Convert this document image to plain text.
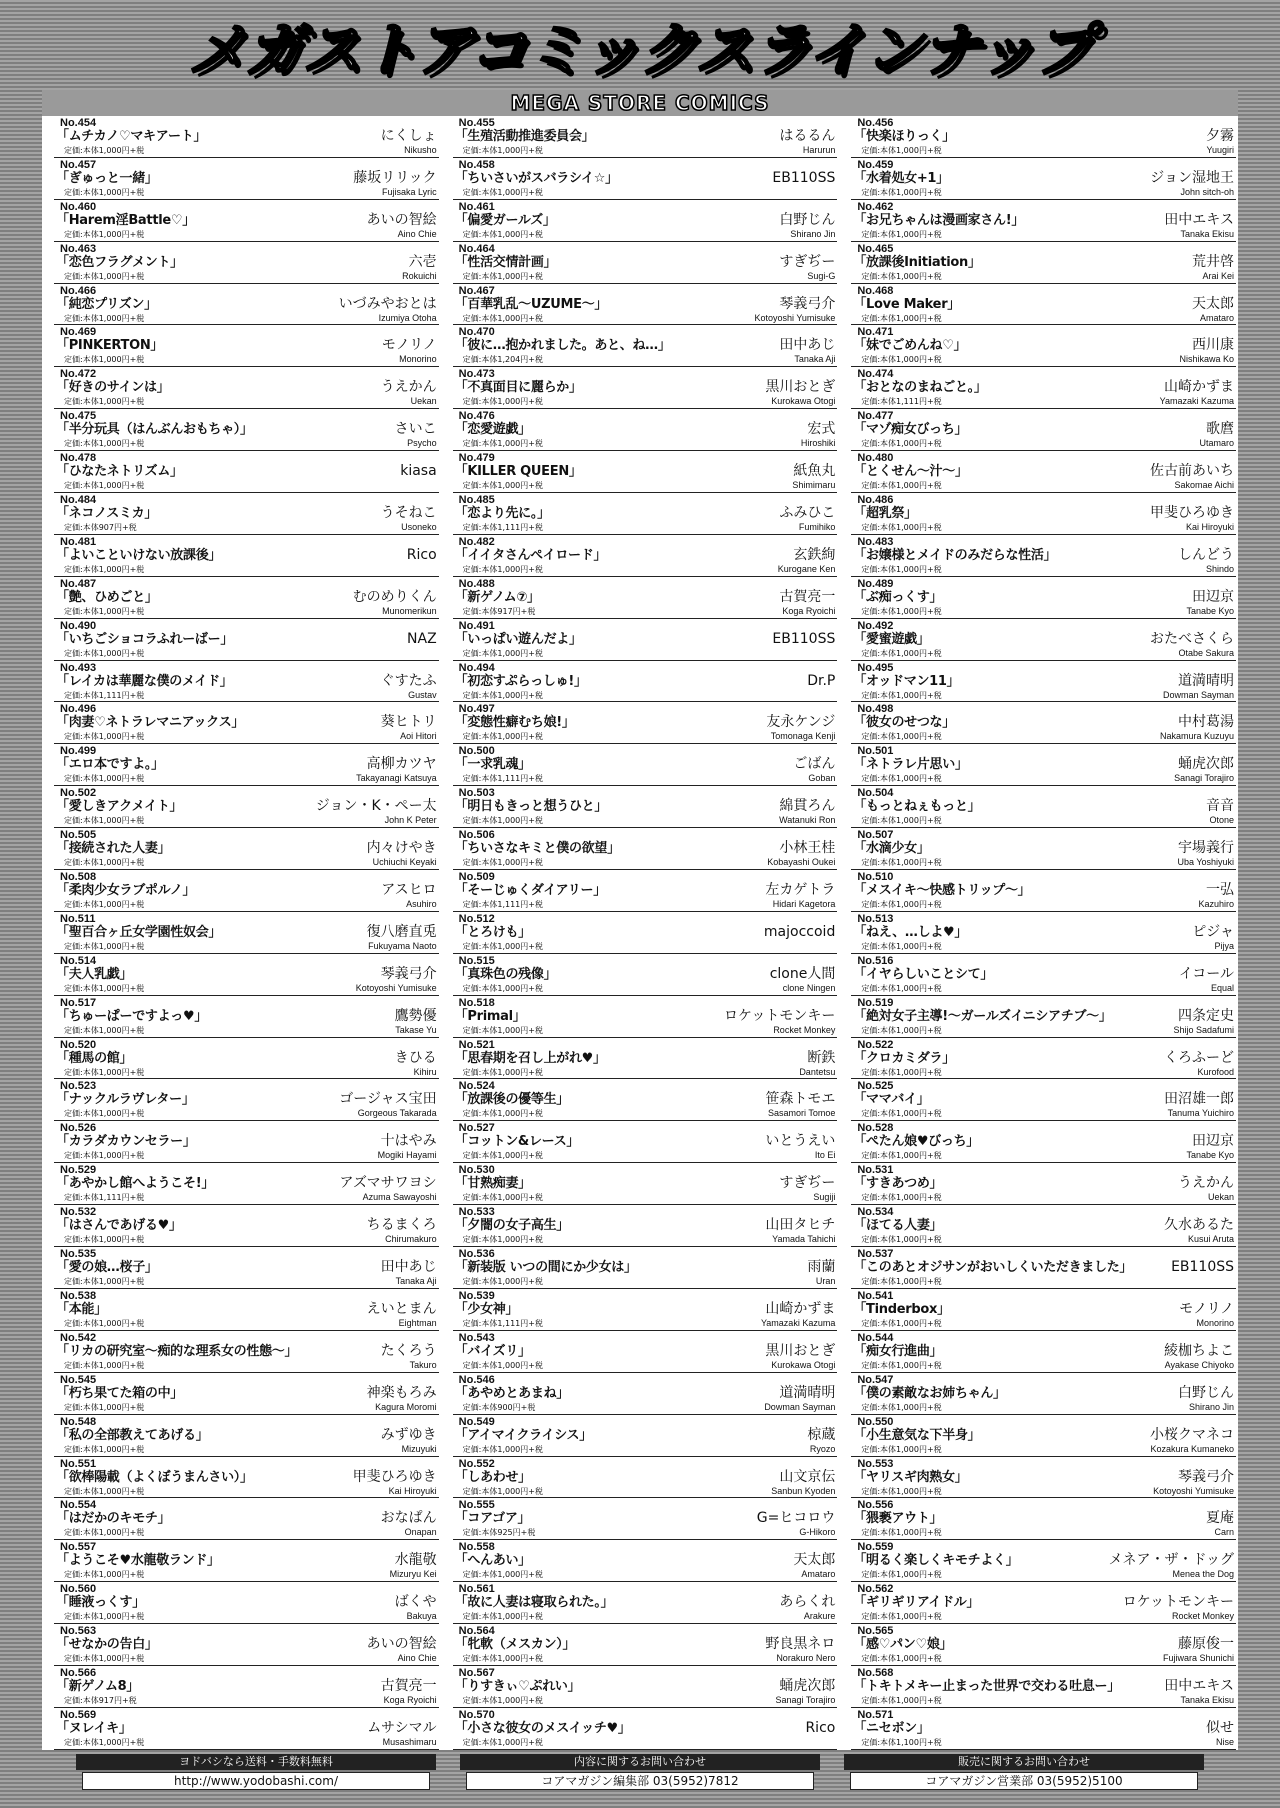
メガストアコミックスラインナップ
MEGA STORE COMICS
No.454
「ムチカノ♡マキアート」
定価:本体1,000円+税
にくしょ
Nikusho
No.457
「ぎゅっと一緒」
定価:本体1,000円+税
藤坂リリック
Fujisaka Lyric
No.460
「Harem淫Battle♡」
定価:本体1,000円+税
あいの智絵
Aino Chie
No.463
「恋色フラグメント」
定価:本体1,000円+税
六壱
Rokuichi
No.466
「純恋プリズン」
定価:本体1,000円+税
いづみやおとは
Izumiya Otoha
No.469
「PINKERTON」
定価:本体1,000円+税
モノリノ
Monorino
No.472
「好きのサインは」
定価:本体1,000円+税
うえかん
Uekan
No.475
「半分玩具（はんぶんおもちゃ）」
定価:本体1,000円+税
さいこ
Psycho
No.478
「ひなたネトリズム」
定価:本体1,000円+税
kiasa
No.484
「ネコノスミカ」
定価:本体907円+税
うそねこ
Usoneko
No.481
「よいこといけない放課後」
定価:本体1,000円+税
Rico
No.487
「艶、ひめごと」
定価:本体1,000円+税
むのめりくん
Munomerikun
No.490
「いちごショコラふれーばー」
定価:本体1,000円+税
NAZ
No.493
「レイカは華麗な僕のメイド」
定価:本体1,111円+税
ぐすたふ
Gustav
No.496
「肉妻♡ネトラレマニアックス」
定価:本体1,000円+税
葵ヒトリ
Aoi Hitori
No.499
「エロ本ですよ。」
定価:本体1,000円+税
高柳カツヤ
Takayanagi Katsuya
No.502
「愛しきアクメイト」
定価:本体1,000円+税
ジョン・K・ペー太
John K Peter
No.505
「接続された人妻」
定価:本体1,000円+税
内々けやき
Uchiuchi Keyaki
No.508
「柔肉少女ラブポルノ」
定価:本体1,000円+税
アスヒロ
Asuhiro
No.511
「聖百合ヶ丘女学園性奴会」
定価:本体1,000円+税
復八磨直兎
Fukuyama Naoto
No.514
「夫人乳戯」
定価:本体1,000円+税
琴義弓介
Kotoyoshi Yumisuke
No.517
「ちゅーぱーですよっ♥」
定価:本体1,000円+税
鷹勢優
Takase Yu
No.520
「種馬の館」
定価:本体1,000円+税
きひる
Kihiru
No.523
「ナックルラヴレター」
定価:本体1,000円+税
ゴージャス宝田
Gorgeous Takarada
No.526
「カラダカウンセラー」
定価:本体1,000円+税
十はやみ
Mogiki Hayami
No.529
「あやかし館へようこそ!」
定価:本体1,111円+税
アズマサワヨシ
Azuma Sawayoshi
No.532
「はさんであげる♥」
定価:本体1,000円+税
ちるまくろ
Chirumakuro
No.535
「愛の娘…桜子」
定価:本体1,000円+税
田中あじ
Tanaka Aji
No.538
「本能」
定価:本体1,000円+税
えいとまん
Eightman
No.542
「リカの研究室～痴的な理系女の性態～」
定価:本体1,000円+税
たくろう
Takuro
No.545
「朽ち果てた箱の中」
定価:本体1,000円+税
神楽もろみ
Kagura Moromi
No.548
「私の全部教えてあげる」
定価:本体1,000円+税
みずゆき
Mizuyuki
No.551
「欲棒陽載（よくぼうまんさい）」
定価:本体1,000円+税
甲斐ひろゆき
Kai Hiroyuki
No.554
「はだかのキモチ」
定価:本体1,000円+税
おなぱん
Onapan
No.557
「ようこそ♥水龍敬ランド」
定価:本体1,000円+税
水龍敬
Mizuryu Kei
No.560
「睡液っくす」
定価:本体1,000円+税
ばくや
Bakuya
No.563
「せなかの告白」
定価:本体1,000円+税
あいの智絵
Aino Chie
No.566
「新ゲノム8」
定価:本体917円+税
古賀亮一
Koga Ryoichi
No.569
「ヌレイキ」
定価:本体1,000円+税
ムサシマル
Musashimaru
No.455
「生殖活動推進委員会」
定価:本体1,000円+税
はるるん
Harurun
No.458
「ちいさいがスバラシイ☆」
定価:本体1,000円+税
EB110SS
No.461
「偏愛ガールズ」
定価:本体1,000円+税
白野じん
Shirano Jin
No.464
「性活交情計画」
定価:本体1,000円+税
すぎぢー
Sugi-G
No.467
「百華乳乱～UZUME～」
定価:本体1,000円+税
琴義弓介
Kotoyoshi Yumisuke
No.470
「彼に…抱かれました。あと、ね…」
定価:本体1,204円+税
田中あじ
Tanaka Aji
No.473
「不真面目に麗らか」
定価:本体1,000円+税
黒川おとぎ
Kurokawa Otogi
No.476
「恋愛遊戯」
定価:本体1,000円+税
宏式
Hiroshiki
No.479
「KILLER QUEEN」
定価:本体1,000円+税
紙魚丸
Shimimaru
No.485
「恋より先に。」
定価:本体1,111円+税
ふみひこ
Fumihiko
No.482
「イイタさんペイロード」
定価:本体1,000円+税
玄鉄絢
Kurogane Ken
No.488
「新ゲノム⑦」
定価:本体917円+税
古賀亮一
Koga Ryoichi
No.491
「いっぱい遊んだよ」
定価:本体1,000円+税
EB110SS
No.494
「初恋すぷらっしゅ!」
定価:本体1,000円+税
Dr.P
No.497
「変態性癖むち娘!」
定価:本体1,000円+税
友永ケンジ
Tomonaga Kenji
No.500
「一求乳魂」
定価:本体1,111円+税
ごばん
Goban
No.503
「明日もきっと想うひと」
定価:本体1,000円+税
綿貫ろん
Watanuki Ron
No.506
「ちいさなキミと僕の欲望」
定価:本体1,000円+税
小林王桂
Kobayashi Oukei
No.509
「そーじゅくダイアリー」
定価:本体1,111円+税
左カゲトラ
Hidari Kagetora
No.512
「とろけも」
定価:本体1,000円+税
majoccoid
No.515
「真珠色の残像」
定価:本体1,000円+税
clone人間
clone Ningen
No.518
「Primal」
定価:本体1,000円+税
ロケットモンキー
Rocket Monkey
No.521
「思春期を召し上がれ♥」
定価:本体1,000円+税
断鉄
Dantetsu
No.524
「放課後の優等生」
定価:本体1,000円+税
笹森トモエ
Sasamori Tomoe
No.527
「コットン&レース」
定価:本体1,000円+税
いとうえい
Ito Ei
No.530
「甘熟痴妻」
定価:本体1,000円+税
すぎぢー
Sugiji
No.533
「夕闇の女子高生」
定価:本体1,000円+税
山田タヒチ
Yamada Tahichi
No.536
「新装版 いつの間にか少女は」
定価:本体1,000円+税
雨蘭
Uran
No.539
「少女神」
定価:本体1,111円+税
山崎かずま
Yamazaki Kazuma
No.543
「バイズリ」
定価:本体1,000円+税
黒川おとぎ
Kurokawa Otogi
No.546
「あやめとあまね」
定価:本体900円+税
道満晴明
Dowman Sayman
No.549
「アイマイクライシス」
定価:本体1,000円+税
椋蔵
Ryozo
No.552
「しあわせ」
定価:本体1,000円+税
山文京伝
Sanbun Kyoden
No.555
「コアゴア」
定価:本体925円+税
G=ヒコロウ
G-Hikoro
No.558
「へんあい」
定価:本体1,000円+税
天太郎
Amataro
No.561
「故に人妻は寝取られた。」
定価:本体1,000円+税
あらくれ
Arakure
No.564
「牝軟（メスカン）」
定価:本体1,000円+税
野良黒ネロ
Norakuro Nero
No.567
「りすきぃ♡ぷれい」
定価:本体1,000円+税
蛹虎次郎
Sanagi Torajiro
No.570
「小さな彼女のメスイッチ♥」
定価:本体1,000円+税
Rico
No.456
「快楽ほりっく」
定価:本体1,000円+税
夕霧
Yuugiri
No.459
「水着処女+1」
定価:本体1,000円+税
ジョン湿地王
John sitch-oh
No.462
「お兄ちゃんは漫画家さん!」
定価:本体1,000円+税
田中エキス
Tanaka Ekisu
No.465
「放課後Initiation」
定価:本体1,000円+税
荒井啓
Arai Kei
No.468
「Love Maker」
定価:本体1,000円+税
天太郎
Amataro
No.471
「妹でごめんね♡」
定価:本体1,000円+税
西川康
Nishikawa Ko
No.474
「おとなのまねごと。」
定価:本体1,111円+税
山崎かずま
Yamazaki Kazuma
No.477
「マゾ痴女びっち」
定価:本体1,000円+税
歌麿
Utamaro
No.480
「とくせん～汁～」
定価:本体1,000円+税
佐古前あいち
Sakomae Aichi
No.486
「超乳祭」
定価:本体1,000円+税
甲斐ひろゆき
Kai Hiroyuki
No.483
「お嬢様とメイドのみだらな性活」
定価:本体1,000円+税
しんどう
Shindo
No.489
「ぶ痴っくす」
定価:本体1,000円+税
田辺京
Tanabe Kyo
No.492
「愛蜜遊戯」
定価:本体1,000円+税
おたべさくら
Otabe Sakura
No.495
「オッドマン11」
定価:本体1,000円+税
道満晴明
Dowman Sayman
No.498
「彼女のせつな」
定価:本体1,000円+税
中村葛湯
Nakamura Kuzuyu
No.501
「ネトラレ片思い」
定価:本体1,000円+税
蛹虎次郎
Sanagi Torajiro
No.504
「もっとねぇもっと」
定価:本体1,000円+税
音音
Otone
No.507
「水滴少女」
定価:本体1,000円+税
宇場義行
Uba Yoshiyuki
No.510
「メスイキ～快感トリップ～」
定価:本体1,000円+税
一弘
Kazuhiro
No.513
「ねえ、…しよ♥」
定価:本体1,000円+税
ピジャ
Pijya
No.516
「イヤらしいことシて」
定価:本体1,000円+税
イコール
Equal
No.519
「絶対女子主導!～ガールズイニシアチブ～」
定価:本体1,000円+税
四条定史
Shijo Sadafumi
No.522
「クロカミダラ」
定価:本体1,000円+税
くろふーど
Kurofood
No.525
「ママバイ」
定価:本体1,000円+税
田沼雄一郎
Tanuma Yuichiro
No.528
「ぺたん娘♥びっち」
定価:本体1,000円+税
田辺京
Tanabe Kyo
No.531
「すきあつめ」
定価:本体1,000円+税
うえかん
Uekan
No.534
「ほてる人妻」
定価:本体1,000円+税
久水あるた
Kusui Aruta
No.537
「このあとオジサンがおいしくいただきました」
定価:本体1,000円+税
EB110SS
No.541
「Tinderbox」
定価:本体1,000円+税
モノリノ
Monorino
No.544
「痴女行進曲」
定価:本体1,000円+税
綾枷ちよこ
Ayakase Chiyoko
No.547
「僕の素敵なお姉ちゃん」
定価:本体1,000円+税
白野じん
Shirano Jin
No.550
「小生意気な下半身」
定価:本体1,000円+税
小桜クマネコ
Kozakura Kumaneko
No.553
「ヤリスギ肉熟女」
定価:本体1,000円+税
琴義弓介
Kotoyoshi Yumisuke
No.556
「猥褻アウト」
定価:本体1,000円+税
夏庵
Carn
No.559
「明るく楽しくキモチよく」
定価:本体1,000円+税
メネア・ザ・ドッグ
Menea the Dog
No.562
「ギリギリアイドル」
定価:本体1,000円+税
ロケットモンキー
Rocket Monkey
No.565
「感♡パン♡娘」
定価:本体1,000円+税
藤原俊一
Fujiwara Shunichi
No.568
「トキトメキー止まった世界で交わる吐息ー」
定価:本体1,000円+税
田中エキス
Tanaka Ekisu
No.571
「ニセボン」
定価:本体1,100円+税
似せ
Nise
ヨドバシなら送料・手数料無料
http://www.yodobashi.com/
内容に関するお問い合わせ
コアマガジン編集部 03(5952)7812
販売に関するお問い合わせ
コアマガジン営業部 03(5952)5100
